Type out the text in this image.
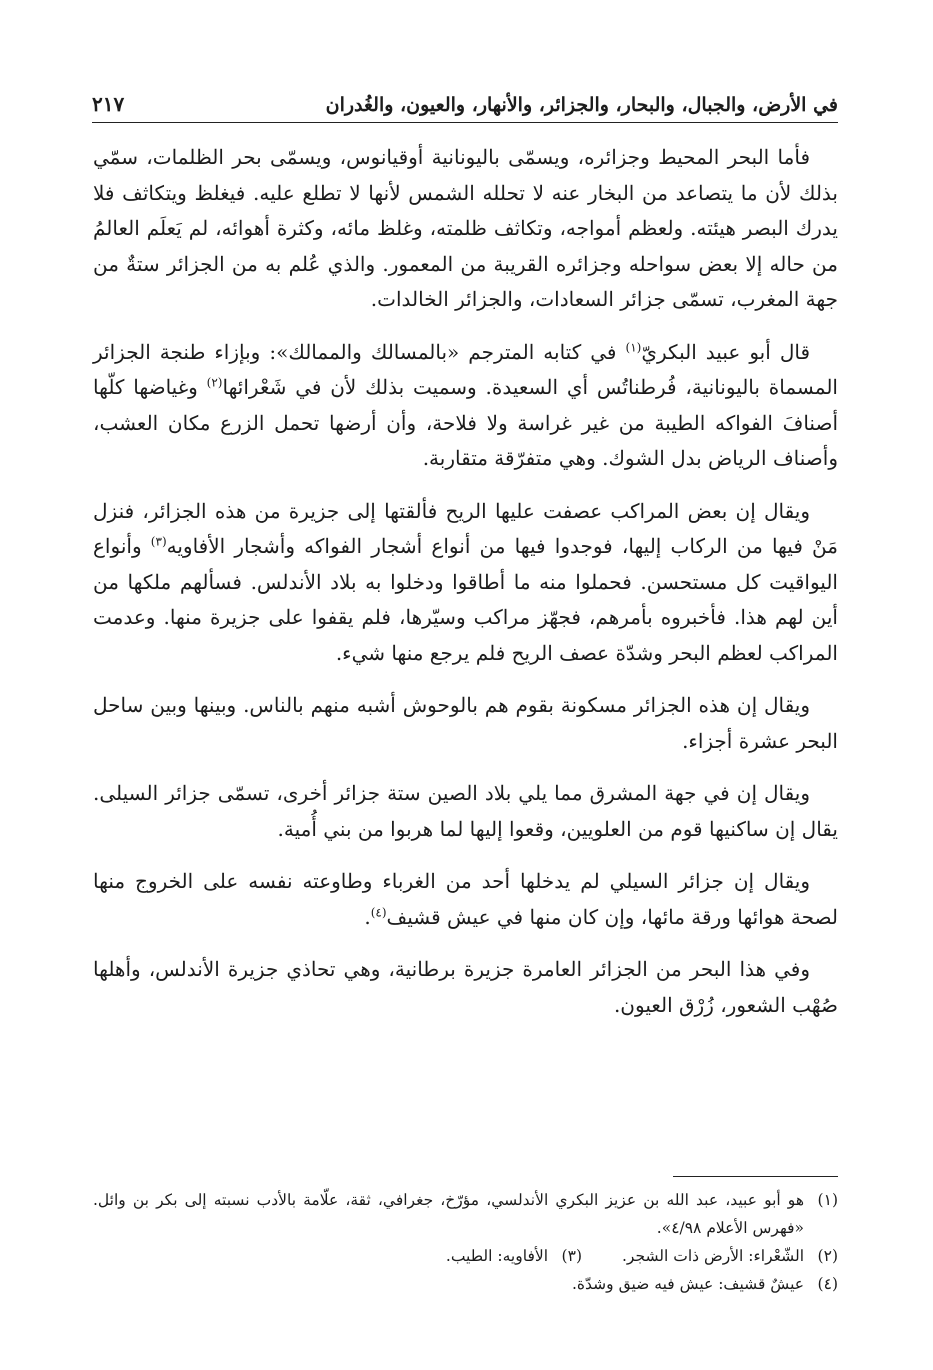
في الأرض، والجبال، والبحار، والجزائر، والأنهار، والعيون، والغُدران
٢١٧

فأما البحر المحيط وجزائره، ويسمّى باليونانية أوقيانوس، ويسمّى بحر الظلمات، سمّي بذلك لأن ما يتصاعد من البخار عنه لا تحلله الشمس لأنها لا تطلع عليه. فيغلظ ويتكاثف فلا يدرك البصر هيئته. ولعظم أمواجه، وتكاثف ظلمته، وغلظ مائه، وكثرة أهوائه، لم يَعلَم العالمُ من حاله إلا بعض سواحله وجزائره القريبة من المعمور. والذي عُلم به من الجزائر ستةٌ من جهة المغرب، تسمّى جزائر السعادات، والجزائر الخالدات.

قال أبو عبيد البكريّ$^{(١)}$ في كتابه المترجم «بالمسالك والممالك»: وبإزاء طنجة الجزائر المسماة باليونانية، فُرطناتُس أي السعيدة. وسميت بذلك لأن في شَعْرائها$^{(٢)}$ وغياضها كلّها أصنافَ الفواكه الطيبة من غير غراسة ولا فلاحة، وأن أرضها تحمل الزرع مكان العشب، وأصناف الرياض بدل الشوك. وهي متفرّقة متقاربة.

ويقال إن بعض المراكب عصفت عليها الريح فألقتها إلى جزيرة من هذه الجزائر، فنزل مَنْ فيها من الركاب إليها، فوجدوا فيها من أنواع أشجار الفواكه وأشجار الأفاويه$^{(٣)}$ وأنواع اليواقيت كل مستحسن. فحملوا منه ما أطاقوا ودخلوا به بلاد الأندلس. فسألهم ملكها من أين لهم هذا. فأخبروه بأمرهم، فجهّز مراكب وسيّرها، فلم يقفوا على جزيرة منها. وعدمت المراكب لعظم البحر وشدّة عصف الريح فلم يرجع منها شيء.

ويقال إن هذه الجزائر مسكونة بقوم هم بالوحوش أشبه منهم بالناس. وبينها وبين ساحل البحر عشرة أجزاء.

ويقال إن في جهة المشرق مما يلي بلاد الصين ستة جزائر أخرى، تسمّى جزائر السيلى. يقال إن ساكنيها قوم من العلويين، وقعوا إليها لما هربوا من بني أُمية.

ويقال إن جزائر السيلي لم يدخلها أحد من الغرباء وطاوعته نفسه على الخروج منها لصحة هوائها ورقة مائها، وإن كان منها في عيش قشيف$^{(٤)}$.

وفي هذا البحر من الجزائر العامرة جزيرة برطانية، وهي تحاذي جزيرة الأندلس، وأهلها صُهْب الشعور، زُرْق العيون.

(١)
هو أبو عبيد، عبد الله بن عزيز البكري الأندلسي، مؤرّخ، جغرافي، ثقة، علّامة بالأدب نسبته إلى بكر بن وائل. «فهرس الأعلام ٤/٩٨».
(٢)
الشّعْراء: الأرض ذات الشجر.
(٣)
الأفاويه: الطيب.
(٤)
عيشٌ قشيف: عيش فيه ضيق وشدّة.
